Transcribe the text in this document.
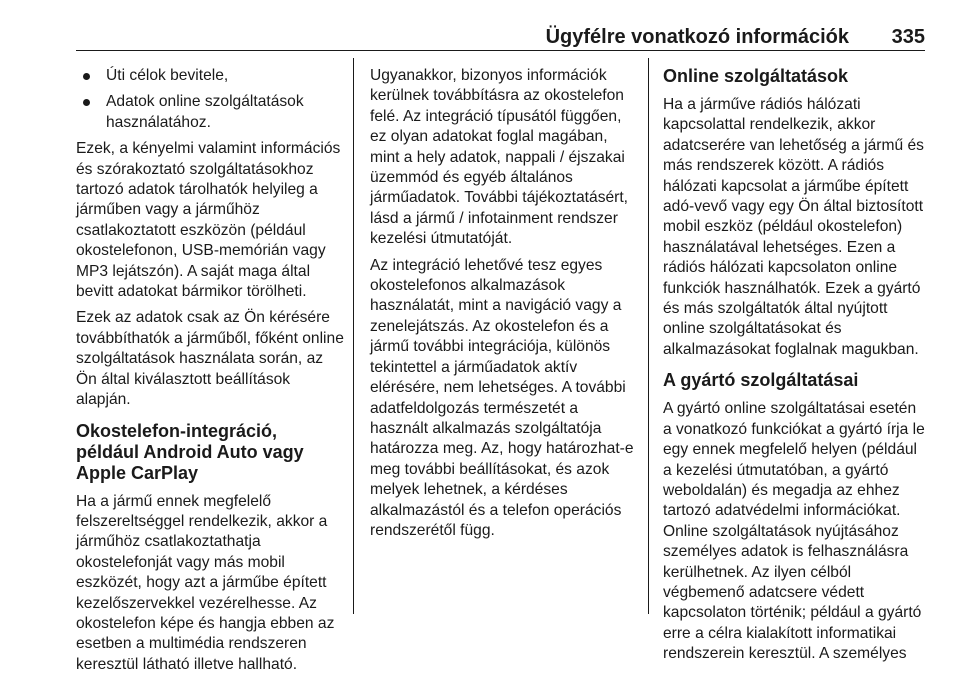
Ügyfélre vonatkozó információk 335
Úti célok bevitele,
Adatok online szolgáltatások használatához.

Ezek, a kényelmi valamint információs és szórakoztató szolgáltatásokhoz tartozó adatok tárolhatók helyileg a járműben vagy a járműhöz csatlakoztatott eszközön (például okostelefonon, USB-memórián vagy MP3 lejátszón). A saját maga által bevitt adatokat bármikor törölheti.

Ezek az adatok csak az Ön kérésére továbbíthatók a járműből, főként online szolgáltatások használata során, az Ön által kiválasztott beállítások alapján.

Okostelefon-integráció, például Android Auto vagy Apple CarPlay

Ha a jármű ennek megfelelő felszereltséggel rendelkezik, akkor a járműhöz csatlakoztathatja okostelefonját vagy más mobil eszközét, hogy azt a járműbe épített kezelőszervekkel vezérelhesse. Az okostelefon képe és hangja ebben az esetben a multimédia rendszeren keresztül látható illetve hallható.

Ugyanakkor, bizonyos információk kerülnek továbbításra az okostelefon felé. Az integráció típusától függően, ez olyan adatokat foglal magában, mint a hely adatok, nappali / éjszakai üzemmód és egyéb általános járműadatok. További tájékoztatásért, lásd a jármű / infotainment rendszer kezelési útmutatóját.

Az integráció lehetővé tesz egyes okostelefonos alkalmazások használatát, mint a navigáció vagy a zenelejátszás. Az okostelefon és a jármű további integrációja, különös tekintettel a járműadatok aktív elérésére, nem lehetséges. A további adatfeldolgozás természetét a használt alkalmazás szolgáltatója határozza meg. Az, hogy határozhat-e meg további beállításokat, és azok melyek lehetnek, a kérdéses alkalmazástól és a telefon operációs rendszerétől függ.

Online szolgáltatások

Ha a járműve rádiós hálózati kapcsolattal rendelkezik, akkor adatcserére van lehetőség a jármű és más rendszerek között. A rádiós hálózati kapcsolat a járműbe épített adó-vevő vagy egy Ön által biztosított mobil eszköz (például okostelefon) használatával lehetséges. Ezen a rádiós hálózati kapcsolaton online funkciók használhatók. Ezek a gyártó és más szolgáltatók által nyújtott online szolgáltatásokat és alkalmazásokat foglalnak magukban.

A gyártó szolgáltatásai

A gyártó online szolgáltatásai esetén a vonatkozó funkciókat a gyártó írja le egy ennek megfelelő helyen (például a kezelési útmutatóban, a gyártó weboldalán) és megadja az ehhez tartozó adatvédelmi információkat. Online szolgáltatások nyújtásához személyes adatok is felhasználásra kerülhetnek. Az ilyen célból végbemenő adatcsere védett kapcsolaton történik; például a gyártó erre a célra kialakított informatikai rendszerein keresztül. A személyes
